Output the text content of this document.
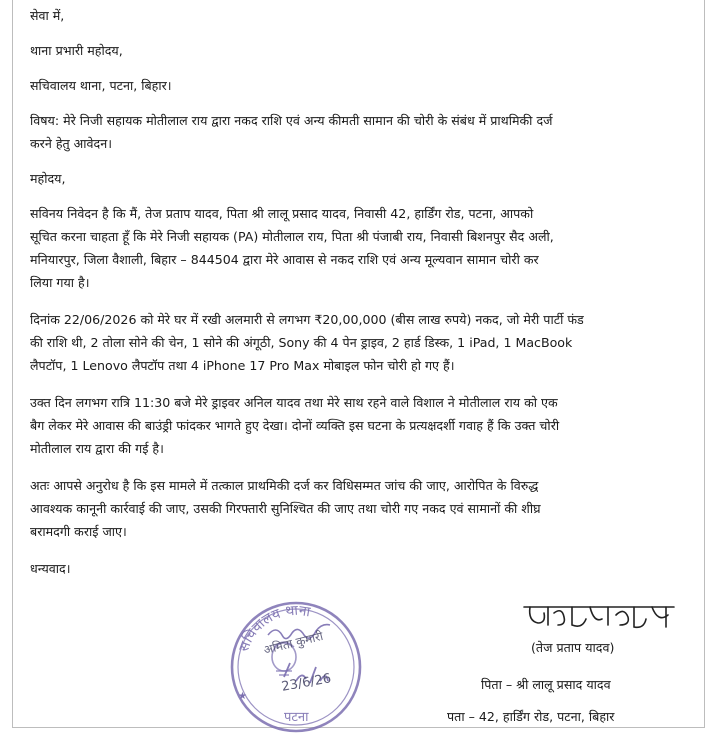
सेवा में,
थाना प्रभारी महोदय,
सचिवालय थाना, पटना, बिहार।
विषय: मेरे निजी सहायक मोतीलाल राय द्वारा नकद राशि एवं अन्य कीमती सामान की चोरी के संबंध में प्राथमिकी दर्ज
करने हेतु आवेदन।
महोदय,
सविनय निवेदन है कि मैं, तेज प्रताप यादव, पिता श्री लालू प्रसाद यादव, निवासी 42, हार्डिंग रोड, पटना, आपको
सूचित करना चाहता हूँ कि मेरे निजी सहायक (PA) मोतीलाल राय, पिता श्री पंजाबी राय, निवासी बिशनपुर सैद अली,
मनियारपुर, जिला वैशाली, बिहार – 844504 द्वारा मेरे आवास से नकद राशि एवं अन्य मूल्यवान सामान चोरी कर
लिया गया है।
दिनांक 22/06/2026 को मेरे घर में रखी अलमारी से लगभग ₹20,00,000 (बीस लाख रुपये) नकद, जो मेरी पार्टी फंड
की राशि थी, 2 तोला सोने की चेन, 1 सोने की अंगूठी, Sony की 4 पेन ड्राइव, 2 हार्ड डिस्क, 1 iPad, 1 MacBook
लैपटॉप, 1 Lenovo लैपटॉप तथा 4 iPhone 17 Pro Max मोबाइल फोन चोरी हो गए हैं।
उक्त दिन लगभग रात्रि 11:30 बजे मेरे ड्राइवर अनिल यादव तथा मेरे साथ रहने वाले विशाल ने मोतीलाल राय को एक
बैग लेकर मेरे आवास की बाउंड्री फांदकर भागते हुए देखा। दोनों व्यक्ति इस घटना के प्रत्यक्षदर्शी गवाह हैं कि उक्त चोरी
मोतीलाल राय द्वारा की गई है।
अतः आपसे अनुरोध है कि इस मामले में तत्काल प्राथमिकी दर्ज कर विधिसम्मत जांच की जाए, आरोपित के विरुद्ध
आवश्यक कानूनी कार्रवाई की जाए, उसकी गिरफ्तारी सुनिश्चित की जाए तथा चोरी गए नकद एवं सामानों की शीघ्र
बरामदगी कराई जाए।
धन्यवाद।
सचिवालय थाना
अमिता कुमारी
23/6/26
पटना
★
तेज प्रताप यादव
(तेज प्रताप यादव)
पिता – श्री लालू प्रसाद यादव
पता – 42, हार्डिंग रोड, पटना, बिहार
